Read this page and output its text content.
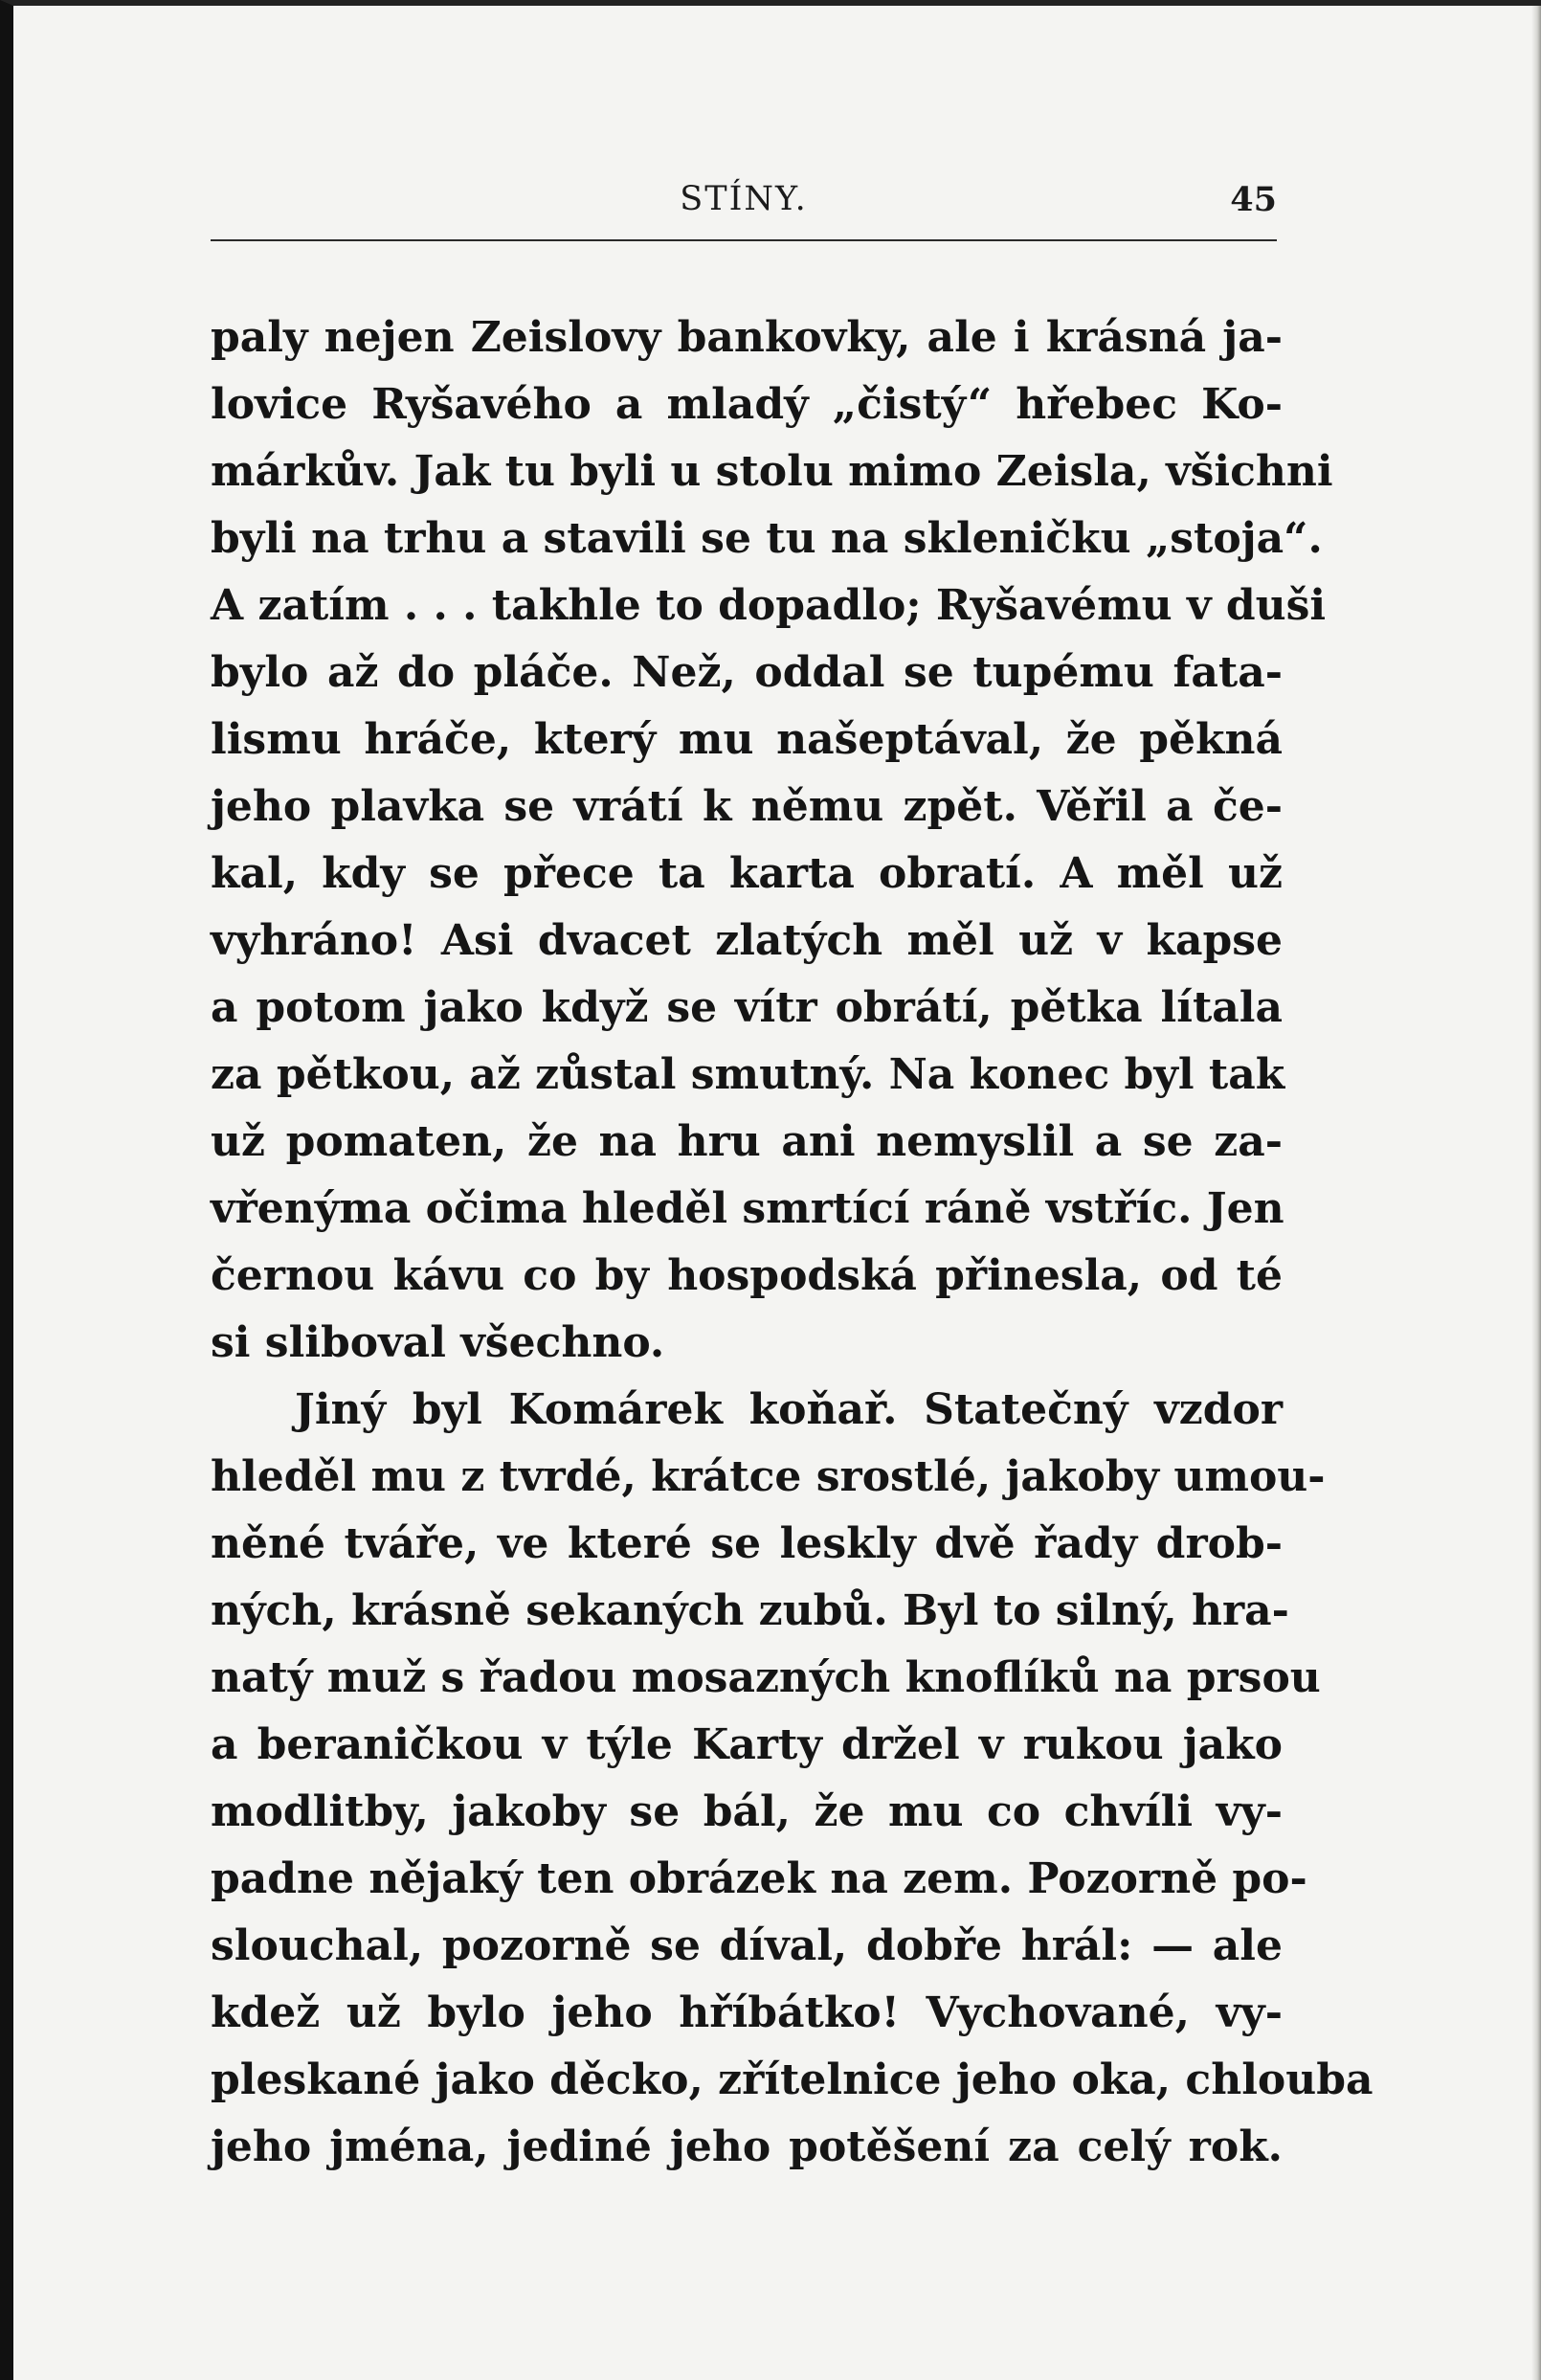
STÍNY.	45
paly nejen Zeislovy bankovky, ale i krásná ja-
lovice Ryšavého a mladý „čistý“ hřebec Ko-
márkův. Jak tu byli u stolu mimo Zeisla, všichni
byli na trhu a stavili se tu na skleničku „stoja“.
A zatím . . . takhle to dopadlo; Ryšavému v duši
bylo až do pláče. Než, oddal se tupému fata-
lismu hráče, který mu našeptával, že pěkná
jeho plavka se vrátí k němu zpět. Věřil a če-
kal, kdy se přece ta karta obratí. A měl už
vyhráno! Asi dvacet zlatých měl už v kapse
a potom jako když se vítr obrátí, pětka lítala
za pětkou, až zůstal smutný. Na konec byl tak
už pomaten, že na hru ani nemyslil a se za-
vřenýma očima hleděl smrtící ráně vstříc. Jen
černou kávu co by hospodská přinesla, od té
si sliboval všechno.
Jiný byl Komárek koňař. Statečný vzdor
hleděl mu z tvrdé, krátce srostlé, jakoby umou-
něné tváře, ve které se leskly dvě řady drob-
ných, krásně sekaných zubů. Byl to silný, hra-
natý muž s řadou mosazných knoflíků na prsou
a beraničkou v týle Karty držel v rukou jako
modlitby, jakoby se bál, že mu co chvíli vy-
padne nějaký ten obrázek na zem. Pozorně po-
slouchal, pozorně se díval, dobře hrál: — ale
kdež už bylo jeho hříbátko! Vychované, vy-
pleskané jako děcko, zřítelnice jeho oka, chlouba
jeho jména, jediné jeho potěšení za celý rok.
